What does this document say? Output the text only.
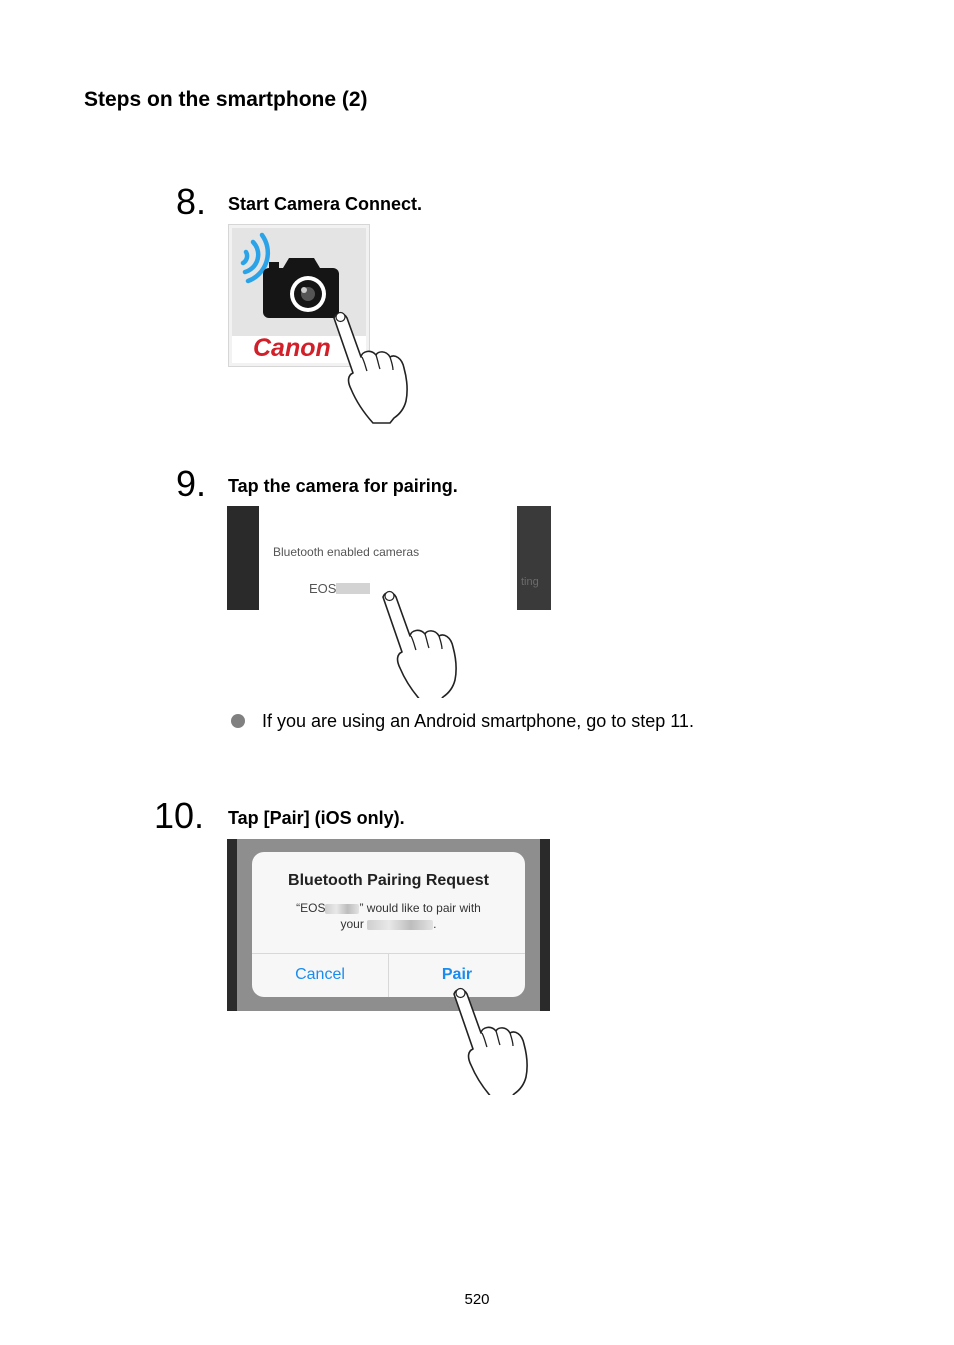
Steps on the smartphone (2)
8. Start Camera Connect.
Canon
9. Tap the camera for pairing.
Bluetooth enabled cameras
EOS	ting
If you are using an Android smartphone, go to step 11.
10. Tap [Pair] (iOS only).
Bluetooth Pairing Request
“EOS	” would like to pair with
your	.
Cancel	Pair
520
